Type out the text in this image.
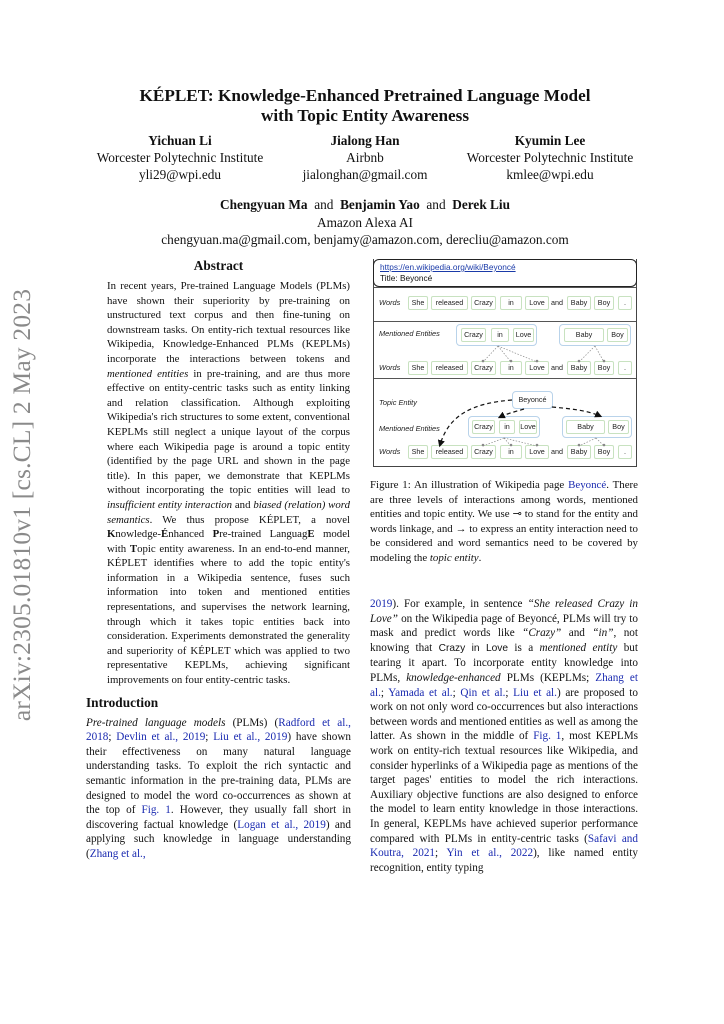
arXiv:2305.01810v1 [cs.CL] 2 May 2023
KÉPLET: Knowledge-Enhanced Pretrained Language Model
with Topic Entity Awareness
Yichuan Li
Worcester Polytechnic Institute
yli29@wpi.edu
Jialong Han
Airbnb
jialonghan@gmail.com
Kyumin Lee
Worcester Polytechnic Institute
kmlee@wpi.edu
Chengyuan Ma and Benjamin Yao and Derek Liu
Amazon Alexa AI
chengyuan.ma@gmail.com, benjamy@amazon.com, derecliu@amazon.com
Abstract
In recent years, Pre-trained Language Models (PLMs) have shown their superiority by pre-training on unstructured text corpus and then fine-tuning on downstream tasks. On entity-rich textual resources like Wikipedia, Knowledge-Enhanced PLMs (KEPLMs) incorporate the interactions between tokens and mentioned entities in pre-training, and are thus more effective on entity-centric tasks such as entity linking and relation classification. Although exploiting Wikipedia's rich structures to some extent, conventional KEPLMs still neglect a unique layout of the corpus where each Wikipedia page is around a topic entity (identified by the page URL and shown in the page title). In this paper, we demonstrate that KEPLMs without incorporating the topic entities will lead to insufficient entity interaction and biased (relation) word semantics. We thus propose KÉPLET, a novel Knowledge-Énhanced Pre-trained LanguagE model with Topic entity awareness. In an end-to-end manner, KÉPLET identifies where to add the topic entity's information in a Wikipedia sentence, fuses such information into token and mentioned entities representations, and supervises the network learning, through which it takes topic entities back into consideration. Experiments demonstrated the generality and superiority of KÉPLET which was applied to two representative KEPLMs, achieving significant improvements on four entity-centric tasks.
Introduction
Pre-trained language models (PLMs) (Radford et al., 2018; Devlin et al., 2019; Liu et al., 2019) have shown their effectiveness on many natural language understanding tasks. To exploit the rich syntactic and semantic information in the pre-training data, PLMs are designed to model the word co-occurrences as shown at the top of Fig. 1. However, they usually fall short in discovering factual knowledge (Logan et al., 2019) and applying such knowledge in language understanding (Zhang et al.,
https://en.wikipedia.org/wiki/Beyoncé
Title: Beyoncé
Words	She	released	Crazy	in	Love and	Baby	Boy	.
Mentioned Entities	Crazy	in	Love	Baby	Boy
Words	She	released	Crazy	in	Love and	Baby	Boy	.
Topic Entity	Beyoncé
Mentioned Entities	Crazy	in	Love	Baby	Boy
Words	She	released	Crazy	in	Love and	Baby	Boy	.
Figure 1: An illustration of Wikipedia page Beyoncé. There are three levels of interactions among words, mentioned entities and topic entity. We use ⊸ to stand for the entity and words linkage, and → to express an entity interaction need to be considered and word semantics need to be covered by modeling the topic entity.
2019). For example, in sentence “She released Crazy in Love” on the Wikipedia page of Beyoncé, PLMs will try to mask and predict words like “Crazy” and “in”, not knowing that Crazy in Love is a mentioned entity but tearing it apart. To incorporate entity knowledge into PLMs, knowledge-enhanced PLMs (KEPLMs; Zhang et al.; Yamada et al.; Qin et al.; Liu et al.) are proposed to work on not only word co-occurrences but also interactions between words and mentioned entities as well as among the latter. As shown in the middle of Fig. 1, most KEPLMs work on entity-rich textual resources like Wikipedia, and consider hyperlinks of a Wikipedia page as mentions of the target pages' entities to model the rich interactions. Auxiliary objective functions are also designed to enforce the model to learn entity knowledge in those interactions. In general, KEPLMs have achieved superior performance compared with PLMs in entity-centric tasks (Safavi and Koutra, 2021; Yin et al., 2022), like named entity recognition, entity typing
